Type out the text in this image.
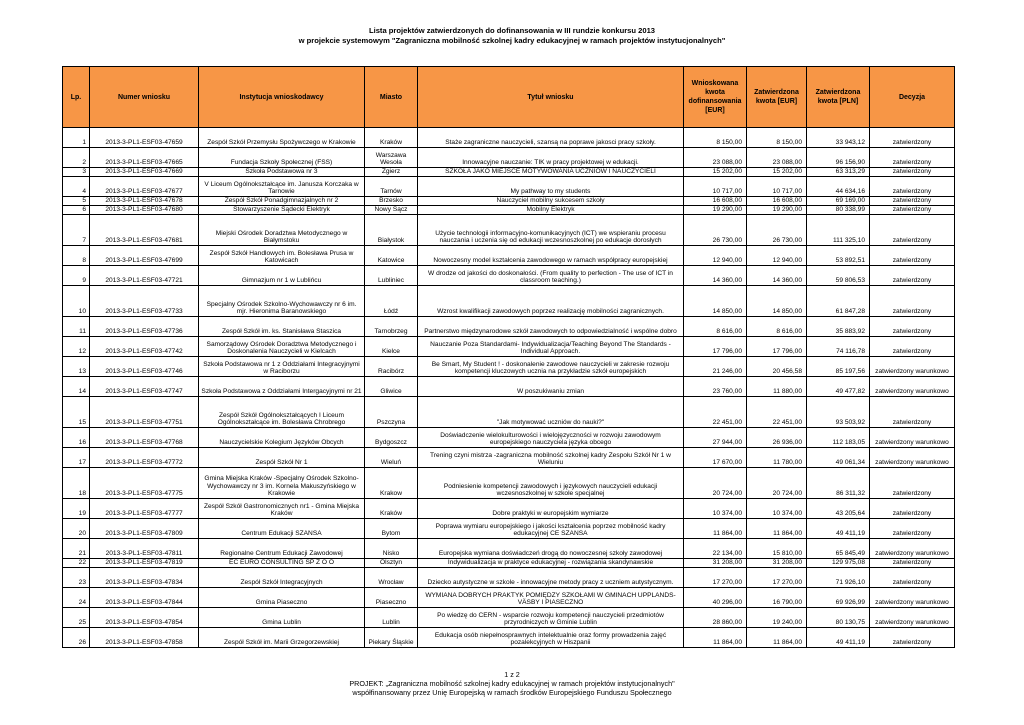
Lista projektów zatwierdzonych do dofinansowania w III rundzie konkursu 2013
w projekcie systemowym "Zagraniczna mobilność szkolnej kadry edukacyjnej w ramach projektów instytucjonalnych"
Lp.	Numer wniosku	Instytucja wnioskodawcy	Miasto	Tytuł wniosku	Wnioskowana kwota dofinansowania [EUR]	Zatwierdzona kwota [EUR]	Zatwierdzona kwota [PLN]	Decyzja
1	2013-3-PL1-ESF03-47659	Zespół Szkół Przemysłu Spożywczego w Krakowie	Kraków	Staże zagraniczne nauczycieli, szansą na poprawe jakosci pracy szkoły.	8 150,00	8 150,00	33 943,12	zatwierdzony
2	2013-3-PL1-ESF03-47665	Fundacja Szkoły Społecznej (FSS)	Warszawa Wesoła	Innowacyjne nauczanie: TIK w pracy projektowej w edukacji.	23 088,00	23 088,00	96 156,90	zatwierdzony
3	2013-3-PL1-ESF03-47669	Szkoła Podstawowa nr 3	Zgierz	SZKOŁA JAKO MIEJSCE MOTYWOWANIA UCZNIÓW I NAUCZYCIELI	15 202,00	15 202,00	63 313,29	zatwierdzony
4	2013-3-PL1-ESF03-47677	V Liceum Ogólnokształcące im. Janusza Korczaka w Tarnowie	Tarnów	My pathway to my students	10 717,00	10 717,00	44 634,16	zatwierdzony
5	2013-3-PL1-ESF03-47678	Zespół Szkół Ponadgimnazjalnych nr 2	Brzesko	Nauczyciel mobilny sukcesem szkoły	16 608,00	16 608,00	69 169,00	zatwierdzony
6	2013-3-PL1-ESF03-47680	Stowarzyszenie Sądecki Elektryk	Nowy Sącz	Mobilny Elektryk	19 290,00	19 290,00	80 338,99	zatwierdzony
7	2013-3-PL1-ESF03-47681	Miejski Ośrodek Doradztwa Metodycznego w Białymstoku	Białystok	Użycie technologii informacyjno-komunikacyjnych (ICT) we wspieraniu procesu nauczania i uczenia się od edukacji wczesnoszkolnej po edukacje dorosłych	26 730,00	26 730,00	111 325,10	zatwierdzony
8	2013-3-PL1-ESF03-47699	Zespół Szkół Handlowych im. Bolesława Prusa w Katowicach	Katowice	Nowoczesny model kształcenia zawodowego w ramach współpracy europejskiej	12 940,00	12 940,00	53 892,51	zatwierdzony
9	2013-3-PL1-ESF03-47721	Gimnazjum nr 1 w Lublińcu	Lubliniec	W drodze od jakości do doskonałości. (From quality to perfection - The use of ICT in classroom teaching.)	14 360,00	14 360,00	59 806,53	zatwierdzony
10	2013-3-PL1-ESF03-47733	Specjalny Ośrodek Szkolno-Wychowawczy nr 6 im. mjr. Hieronima Baranowskiego	Łódź	Wzrost kwalifikacji zawodowych poprzez realizację mobilności zagranicznych.	14 850,00	14 850,00	61 847,28	zatwierdzony
11	2013-3-PL1-ESF03-47736	Zespół Szkół im. ks. Stanisława Staszica	Tarnobrzeg	Partnerstwo międzynarodowe szkół zawodowych to odpowiedzialność i wspólne dobro	8 616,00	8 616,00	35 883,92	zatwierdzony
12	2013-3-PL1-ESF03-47742	Samorządowy Ośrodek Doradztwa Metodycznego i Doskonalenia Nauczycieli w Kielcach	Kielce	Nauczanie Poza Standardami- Indywidualizacja/Teaching Beyond The Standards - Individual Approach.	17 796,00	17 796,00	74 116,78	zatwierdzony
13	2013-3-PL1-ESF03-47746	Szkoła Podstawowa nr 1 z Oddziałami Integracyjnymi w Raciborzu	Racibórz	Be Smart, My Student ! - doskonalenie zawodowe nauczycieli w zakresie rozwoju kompetencji kluczowych ucznia na przykładzie szkół europejskich	21 246,00	20 456,58	85 197,56	zatwierdzony warunkowo
14	2013-3-PL1-ESF03-47747	Szkoła Podstawowa z Oddziałami Intergacyjnymi nr 21	Gliwice	W poszukiwaniu zmian	23 760,00	11 880,00	49 477,82	zatwierdzony warunkowo
15	2013-3-PL1-ESF03-47751	Zespół Szkół Ogólnokształcących I Liceum Ogólnokształcące im. Bolesława Chrobrego	Pszczyna	"Jak motywować uczniów do nauki?"	22 451,00	22 451,00	93 503,92	zatwierdzony
16	2013-3-PL1-ESF03-47768	Nauczycielskie Kolegium Języków Obcych	Bydgoszcz	Doświadczenie wielokulturowości i wielojęzyczności w rozwoju zawodowym europejskiego nauczyciela języka obcego	27 944,00	26 936,00	112 183,05	zatwierdzony warunkowo
17	2013-3-PL1-ESF03-47772	Zespół Szkół Nr 1	Wieluń	Trening czyni mistrza -zagraniczna mobilność szkolnej kadry Zespołu Szkół Nr 1 w Wieluniu	17 670,00	11 780,00	49 061,34	zatwierdzony warunkowo
18	2013-3-PL1-ESF03-47775	Gmina Miejska Kraków -Specjalny Ośrodek Szkolno-Wychowawczy nr 3 im. Kornela Makuszyńskiego w Krakowie	Krakow	Podniesienie kompetencji zawodowych i językowych nauczycieli edukacji wczesnoszkolnej w szkole specjalnej	20 724,00	20 724,00	86 311,32	zatwierdzony
19	2013-3-PL1-ESF03-47777	Zespół Szkół Gastronomicznych nr1 - Gmina Miejska Kraków	Kraków	Dobre praktyki w europejskim wymiarze	10 374,00	10 374,00	43 205,64	zatwierdzony
20	2013-3-PL1-ESF03-47809	Centrum Edukacji SZANSA	Bytom	Poprawa wymiaru europejskiego i jakości kształcenia poprzez mobilność kadry edukacyjnej CE SZANSA	11 864,00	11 864,00	49 411,19	zatwierdzony
21	2013-3-PL1-ESF03-47811	Regionalne Centrum Edukacji Zawodowej	Nisko	Europejska wymiana doświadczeń drogą do nowoczesnej szkoły zawodowej	22 134,00	15 810,00	65 845,49	zatwierdzony warunkowo
22	2013-3-PL1-ESF03-47819	EC EURO CONSULTING SP Z O O	Olsztyn	Indywidualizacja w praktyce edukacyjnej - rozwiązania skandynawskie	31 208,00	31 208,00	129 975,08	zatwierdzony
23	2013-3-PL1-ESF03-47834	Zespół Szkół Integracyjnych	Wrocław	Dziecko autystyczne w szkole - innowacyjne metody pracy z uczniem autystycznym.	17 270,00	17 270,00	71 926,10	zatwierdzony
24	2013-3-PL1-ESF03-47844	Gmina Piaseczno	Piaseczno	WYMIANA DOBRYCH PRAKTYK POMIĘDZY SZKOŁAMI W GMINACH UPPLANDS-VÄSBY I PIASECZNO	40 296,00	16 790,00	69 926,99	zatwierdzony warunkowo
25	2013-3-PL1-ESF03-47854	Gmina Lublin	Lublin	Po wiedzę do CERN - wsparcie rozwoju kompetencji nauczycieli przedmiotów przyrodniczych w Gminie Lublin	28 860,00	19 240,00	80 130,75	zatwierdzony warunkowo
26	2013-3-PL1-ESF03-47858	Zespół Szkół im. Marii Grzegorzewskiej	Piekary Śląskie	Edukacja osób niepełnosprawnych intelektualnie oraz formy prowadzenia zajęć pozalekcyjnych w Hiszpanii	11 864,00	11 864,00	49 411,19	zatwierdzony
1 z 2
PROJEKT: „Zagraniczna mobilność szkolnej kadry edukacyjnej w ramach projektów instytucjonalnych"
współfinansowany przez Unię Europejską w ramach środków Europejskiego Funduszu Społecznego
